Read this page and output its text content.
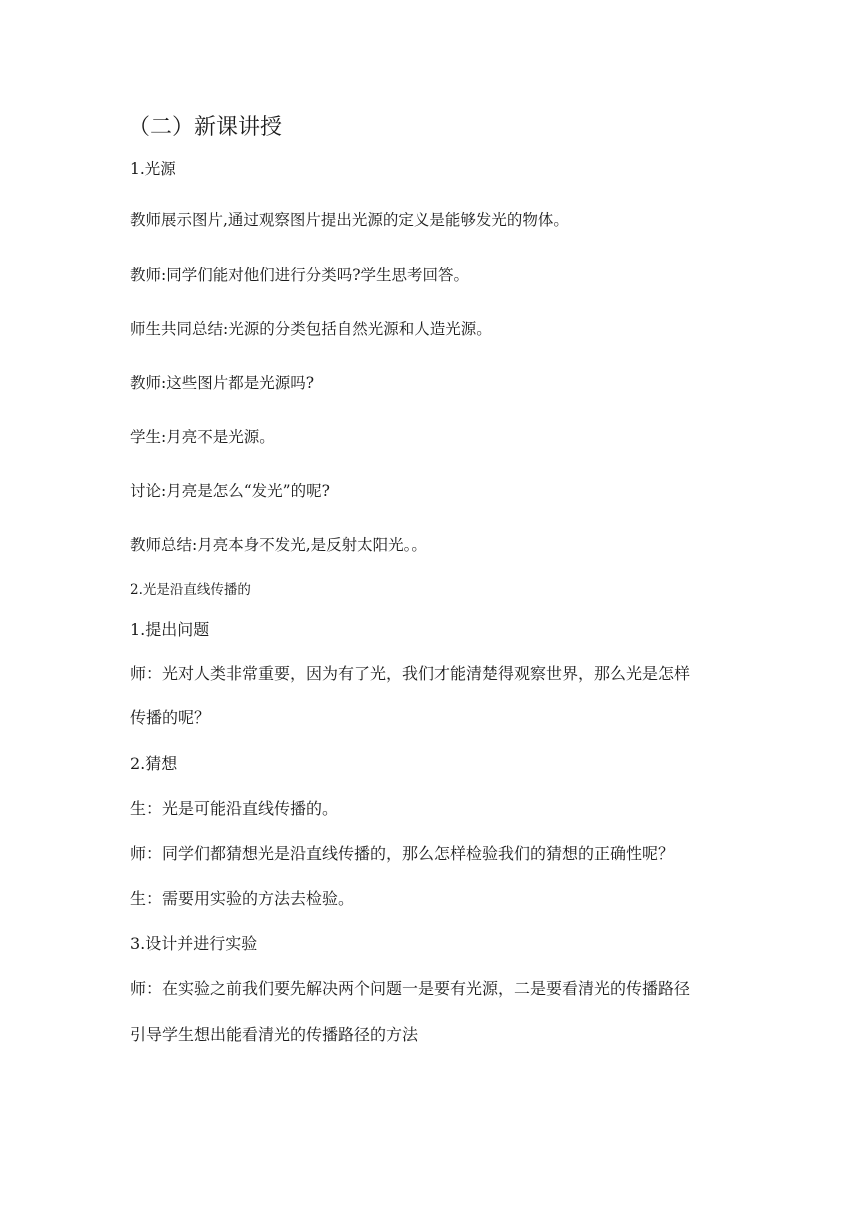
（二）新课讲授
1.光源
教师展示图片,通过观察图片提出光源的定义是能够发光的物体。
教师:同学们能对他们进行分类吗?学生思考回答。
师生共同总结:光源的分类包括自然光源和人造光源。
教师:这些图片都是光源吗?
学生:月亮不是光源。
讨论:月亮是怎么“发光”的呢?
教师总结:月亮本身不发光,是反射太阳光。。
2.光是沿直线传播的
1.提出问题
师：光对人类非常重要，因为有了光，我们才能清楚得观察世界，那么光是怎样
传播的呢？
2.猜想
生：光是可能沿直线传播的。
师：同学们都猜想光是沿直线传播的，那么怎样检验我们的猜想的正确性呢？
生：需要用实验的方法去检验。
3.设计并进行实验
师：在实验之前我们要先解决两个问题一是要有光源，二是要看清光的传播路径
引导学生想出能看清光的传播路径的方法
